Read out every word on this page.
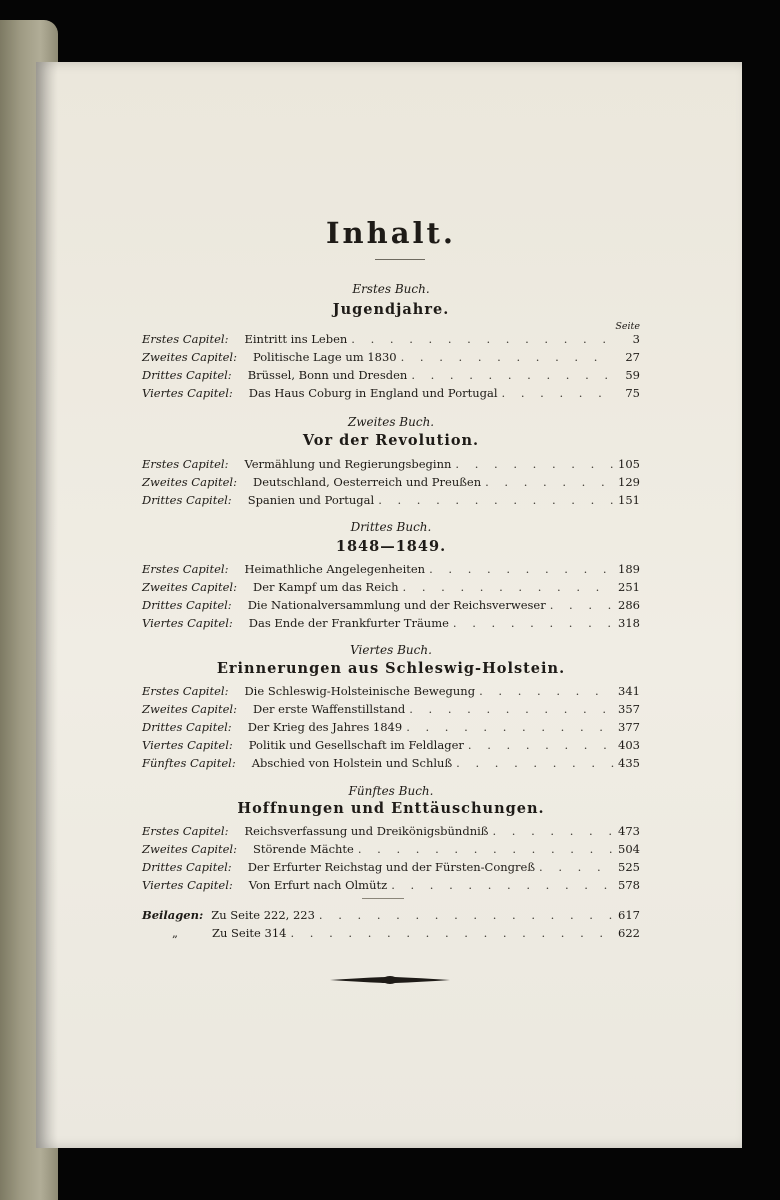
Inhalt.
Erstes Buch.
Jugendjahre.
Seite
Erstes Capitel: Eintritt ins Leben . . .	3
Zweites Capitel: Politische Lage um 1830 . . .	27
Drittes Capitel: Brüssel, Bonn und Dresden . . .	59
Viertes Capitel: Das Haus Coburg in England und Portugal . . .	75
Zweites Buch.
Vor der Revolution.
Erstes Capitel: Vermählung und Regierungsbeginn . . .	105
Zweites Capitel: Deutschland, Oesterreich und Preußen . . .	129
Drittes Capitel: Spanien und Portugal . . .	151
Drittes Buch.
1848—1849.
Erstes Capitel: Heimathliche Angelegenheiten . . .	189
Zweites Capitel: Der Kampf um das Reich . . .	251
Drittes Capitel: Die Nationalversammlung und der Reichsverweser . . .	286
Viertes Capitel: Das Ende der Frankfurter Träume . . .	318
Viertes Buch.
Erinnerungen aus Schleswig-Holstein.
Erstes Capitel: Die Schleswig-Holsteinische Bewegung . . .	341
Zweites Capitel: Der erste Waffenstillstand . . .	357
Drittes Capitel: Der Krieg des Jahres 1849 . . .	377
Viertes Capitel: Politik und Gesellschaft im Feldlager . . .	403
Fünftes Capitel: Abschied von Holstein und Schluß . . .	435
Fünftes Buch.
Hoffnungen und Enttäuschungen.
Erstes Capitel: Reichsverfassung und Dreikönigsbündniß . . .	473
Zweites Capitel: Störende Mächte . . .	504
Drittes Capitel: Der Erfurter Reichstag und der Fürsten-Congreß . . .	525
Viertes Capitel: Von Erfurt nach Olmütz . . .	578
Beilagen: Zu Seite 222, 223 . . .	617
„	Zu Seite 314 . . .	622
